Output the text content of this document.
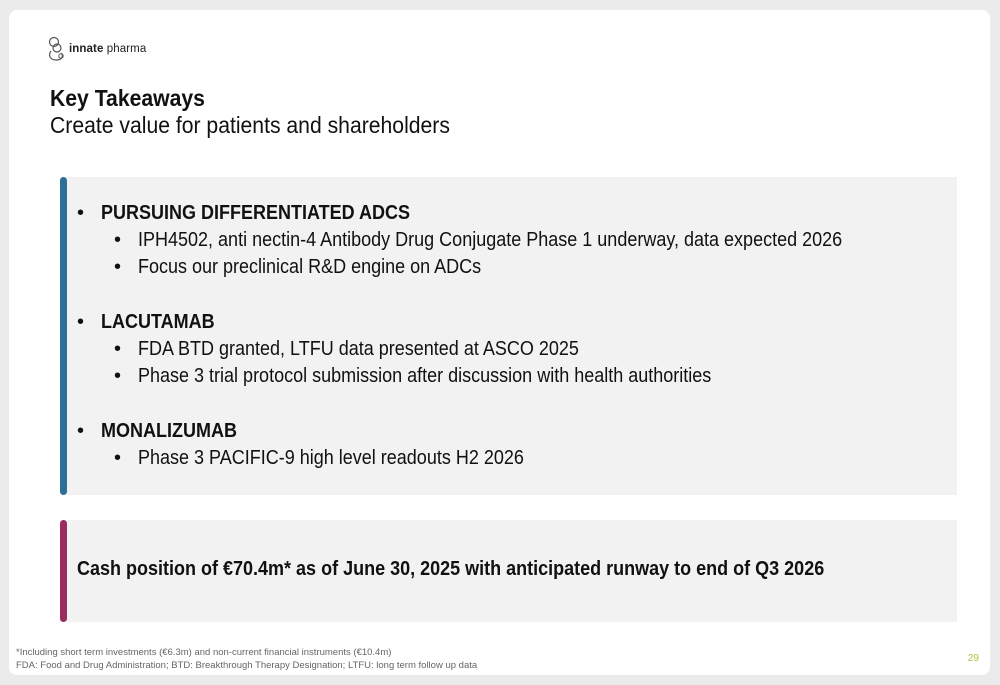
innate pharma
Key Takeaways
Create value for patients and shareholders
• PURSUING DIFFERENTIATED ADCS
• IPH4502, anti nectin-4 Antibody Drug Conjugate Phase 1 underway, data expected 2026
• Focus our preclinical R&D engine on ADCs
• LACUTAMAB
• FDA BTD granted, LTFU data presented at ASCO 2025
• Phase 3 trial protocol submission after discussion with health authorities
• MONALIZUMAB
• Phase 3 PACIFIC-9 high level readouts H2 2026
Cash position of €70.4m* as of June 30, 2025 with anticipated runway to end of Q3 2026
*Including short term investments (€6.3m) and non-current financial instruments (€10.4m)
FDA: Food and Drug Administration; BTD: Breakthrough Therapy Designation; LTFU: long term follow up data
29
